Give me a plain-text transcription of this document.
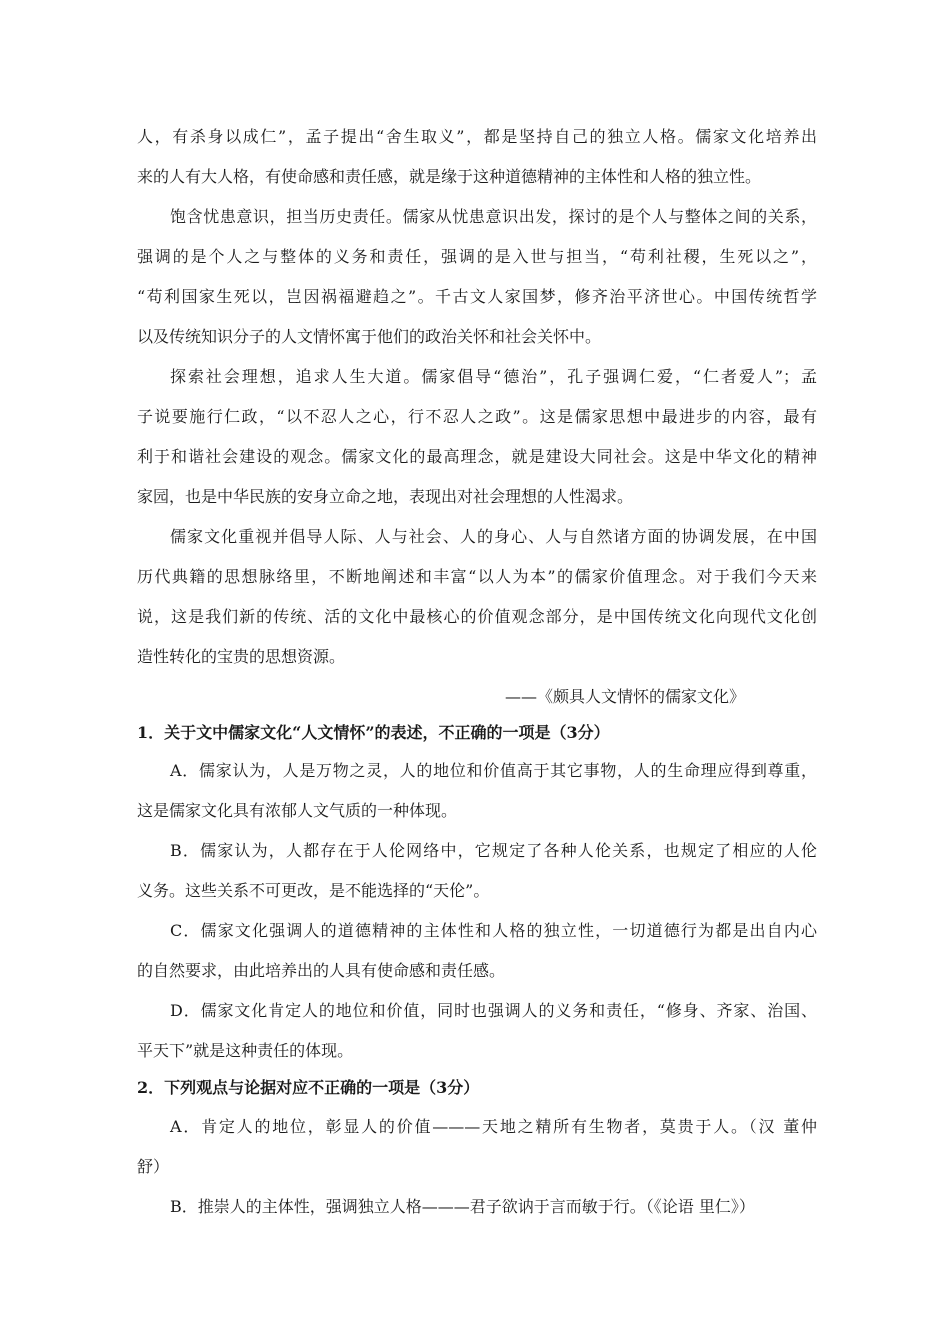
人，有杀身以成仁”，孟子提出“舍生取义”，都是坚持自己的独立人格。儒家文化培养出
来的人有大人格，有使命感和责任感，就是缘于这种道德精神的主体性和人格的独立性。
饱含忧患意识，担当历史责任。儒家从忧患意识出发，探讨的是个人与整体之间的关系，
强调的是个人之与整体的义务和责任，强调的是入世与担当，“苟利社稷，生死以之”，
“苟利国家生死以，岂因祸福避趋之”。千古文人家国梦，修齐治平济世心。中国传统哲学
以及传统知识分子的人文情怀寓于他们的政治关怀和社会关怀中。
探索社会理想，追求人生大道。儒家倡导“德治”，孔子强调仁爱，“仁者爱人”；孟
子说要施行仁政，“以不忍人之心，行不忍人之政”。这是儒家思想中最进步的内容，最有
利于和谐社会建设的观念。儒家文化的最高理念，就是建设大同社会。这是中华文化的精神
家园，也是中华民族的安身立命之地，表现出对社会理想的人性渴求。
儒家文化重视并倡导人际、人与社会、人的身心、人与自然诸方面的协调发展，在中国
历代典籍的思想脉络里，不断地阐述和丰富“以人为本”的儒家价值理念。对于我们今天来
说，这是我们新的传统、活的文化中最核心的价值观念部分，是中国传统文化向现代文化创
造性转化的宝贵的思想资源。
——《颇具人文情怀的儒家文化》
1．关于文中儒家文化“人文情怀”的表述，不正确的一项是（3分）
A．儒家认为，人是万物之灵，人的地位和价值高于其它事物，人的生命理应得到尊重，
这是儒家文化具有浓郁人文气质的一种体现。
B．儒家认为，人都存在于人伦网络中，它规定了各种人伦关系，也规定了相应的人伦
义务。这些关系不可更改，是不能选择的“天伦”。
C．儒家文化强调人的道德精神的主体性和人格的独立性，一切道德行为都是出自内心
的自然要求，由此培养出的人具有使命感和责任感。
D．儒家文化肯定人的地位和价值，同时也强调人的义务和责任，“修身、齐家、治国、
平天下”就是这种责任的体现。
2．下列观点与论据对应不正确的一项是（3分）
A．肯定人的地位，彰显人的价值———天地之精所有生物者，莫贵于人。（汉 董仲
舒）
B．推崇人的主体性，强调独立人格———君子欲讷于言而敏于行。（《论语 里仁》）
